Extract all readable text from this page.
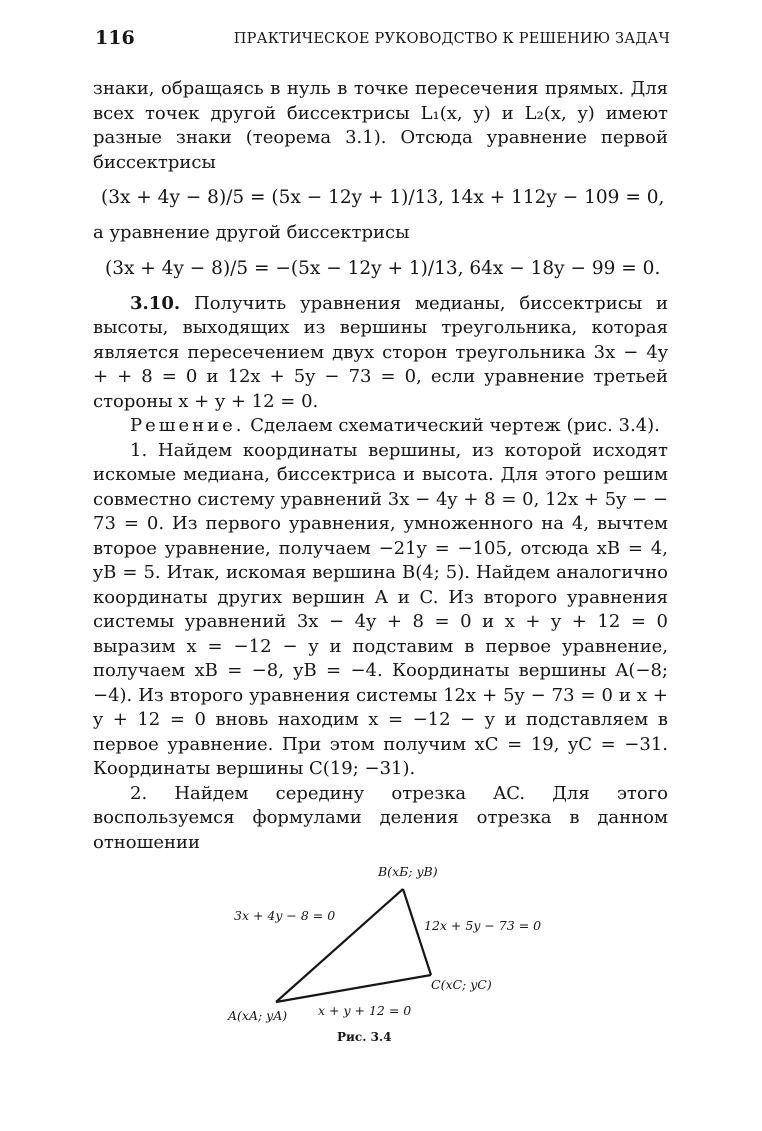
116	ПРАКТИЧЕСКОЕ РУКОВОДСТВО К РЕШЕНИЮ ЗАДАЧ

знаки, обращаясь в нуль в точке пересечения прямых. Для всех точек другой биссектрисы L₁(x, y) и L₂(x, y) имеют разные знаки (теорема 3.1). Отсюда уравнение первой биссектрисы

(3x + 4y − 8)/5 = (5x − 12y + 1)/13, 14x + 112y − 109 = 0,

а уравнение другой биссектрисы

(3x + 4y − 8)/5 = −(5x − 12y + 1)/13, 64x − 18y − 99 = 0.

3.10. Получить уравнения медианы, биссектрисы и высоты, выходящих из вершины треугольника, которая является пересечением двух сторон треугольника 3x − 4y + + 8 = 0 и 12x + 5y − 73 = 0, если уравнение третьей стороны x + y + 12 = 0.

Решение. Сделаем схематический чертеж (рис. 3.4).

1. Найдем координаты вершины, из которой исходят искомые медиана, биссектриса и высота. Для этого решим совместно систему уравнений 3x − 4y + 8 = 0, 12x + 5y − − 73 = 0. Из первого уравнения, умноженного на 4, вычтем второе уравнение, получаем −21y = −105, отсюда xB = 4, yB = 5. Итак, искомая вершина B(4; 5). Найдем аналогично координаты других вершин A и C. Из второго уравнения системы уравнений 3x − 4y + 8 = 0 и x + y + 12 = 0 выразим x = −12 − y и подставим в первое уравнение, получаем xB = −8, yB = −4. Координаты вершины A(−8; −4). Из второго уравнения системы 12x + 5y − 73 = 0 и x + y + 12 = 0 вновь находим x = −12 − y и подставляем в первое уравнение. При этом получим xC = 19, yC = −31. Координаты вершины C(19; −31).

2. Найдем середину отрезка AC. Для этого воспользуемся формулами деления отрезка в данном отношении

B(xБ; yB)
3x + 4y − 8 = 0
12x + 5y − 73 = 0
C(xC; yC)
A(xA; yA) x + y + 12 = 0
Рис. 3.4
